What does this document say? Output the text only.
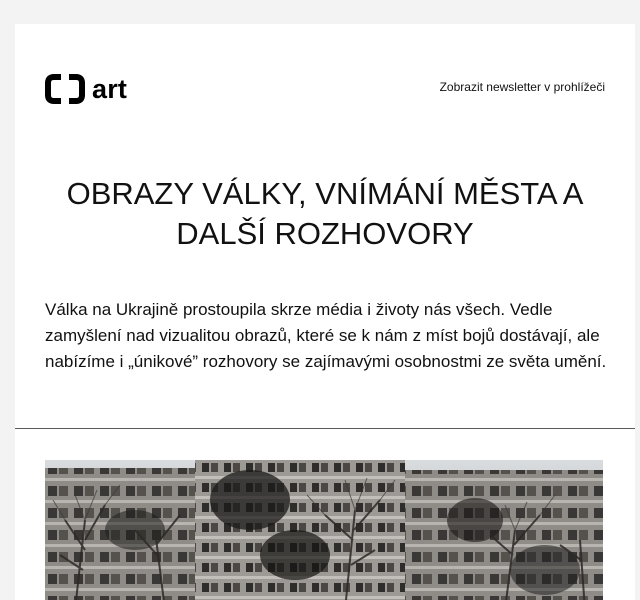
art	Zobrazit newsletter v prohlížeči
OBRAZY VÁLKY, VNÍMÁNÍ MĚSTA A DALŠÍ ROZHOVORY

Válka na Ukrajině prostoupila skrze média i životy nás všech. Vedle zamyšlení nad vizualitou obrazů, které se k nám z míst bojů dostávají, ale nabízíme i „únikové” rozhovory se zajímavými osobnostmi ze světa umění.
